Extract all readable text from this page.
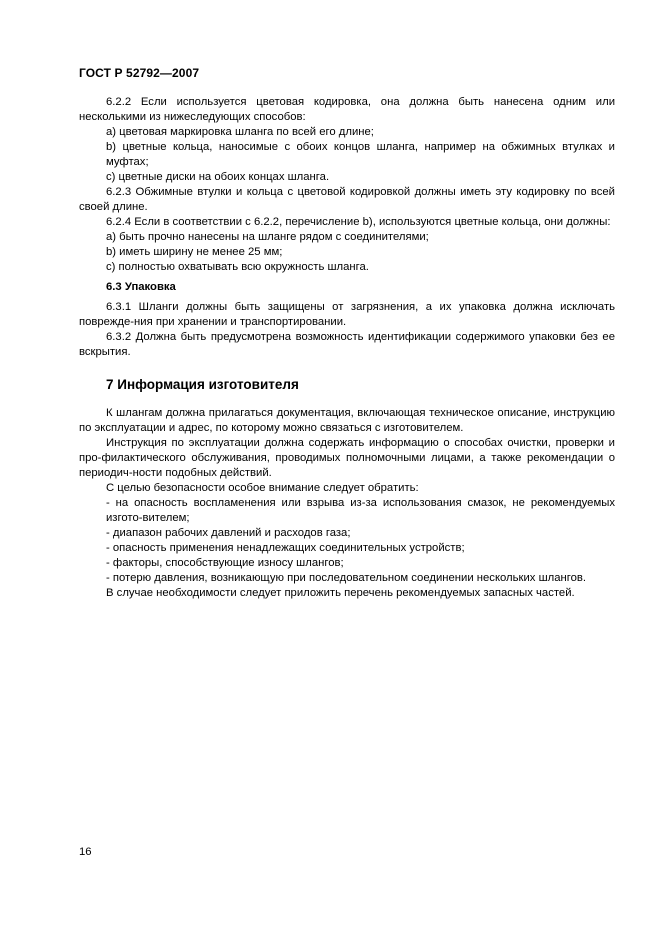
ГОСТ Р 52792—2007

6.2.2 Если используется цветовая кодировка, она должна быть нанесена одним или несколькими из нижеследующих способов:

a) цветовая маркировка шланга по всей его длине;

b) цветные кольца, наносимые с обоих концов шланга, например на обжимных втулках и муфтах;

c) цветные диски на обоих концах шланга.

6.2.3 Обжимные втулки и кольца с цветовой кодировкой должны иметь эту кодировку по всей своей длине.

6.2.4 Если в соответствии с 6.2.2, перечисление b), используются цветные кольца, они должны:

a) быть прочно нанесены на шланге рядом с соединителями;

b) иметь ширину не менее 25 мм;

c) полностью охватывать всю окружность шланга.

6.3 Упаковка

6.3.1 Шланги должны быть защищены от загрязнения, а их упаковка должна исключать поврежде-ния при хранении и транспортировании.

6.3.2 Должна быть предусмотрена возможность идентификации содержимого упаковки без ее вскрытия.

7 Информация изготовителя

К шлангам должна прилагаться документация, включающая техническое описание, инструкцию по эксплуатации и адрес, по которому можно связаться с изготовителем.

Инструкция по эксплуатации должна содержать информацию о способах очистки, проверки и про-филактического обслуживания, проводимых полномочными лицами, а также рекомендации о периодич-ности подобных действий.

С целью безопасности особое внимание следует обратить:

- на опасность воспламенения или взрыва из-за использования смазок, не рекомендуемых изгото-вителем;

- диапазон рабочих давлений и расходов газа;

- опасность применения ненадлежащих соединительных устройств;

- факторы, способствующие износу шлангов;

- потерю давления, возникающую при последовательном соединении нескольких шлангов.

В случае необходимости следует приложить перечень рекомендуемых запасных частей.

16
